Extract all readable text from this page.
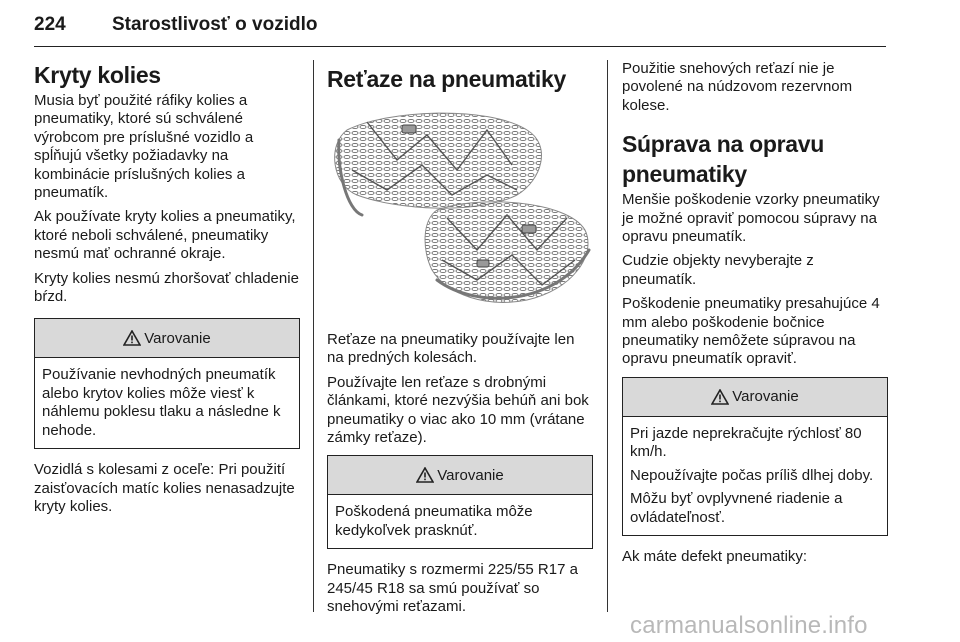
224 Starostlivosť o vozidlo
Kryty kolies

Musia byť použité ráfiky kolies a pneumatiky, ktoré sú schválené výrobcom pre príslušné vozidlo a spĺňujú všetky požiadavky na kombinácie príslušných kolies a pneumatík.

Ak používate kryty kolies a pneumatiky, ktoré neboli schválené, pneumatiky nesmú mať ochranné okraje.

Kryty kolies nesmú zhoršovať chladenie bŕzd.

Varovanie

Používanie nevhodných pneumatík alebo krytov kolies môže viesť k náhlemu poklesu tlaku a následne k nehode.

Vozidlá s kolesami z oceľe: Pri použití zaisťovacích matíc kolies nenasadzujte kryty kolies.

Reťaze na pneumatiky

Reťaze na pneumatiky používajte len na predných kolesách.

Používajte len reťaze s drobnými článkami, ktoré nezvýšia behúň ani bok pneumatiky o viac ako 10 mm (vrátane zámky reťaze).

Varovanie

Poškodená pneumatika môže kedykoľvek prasknúť.

Pneumatiky s rozmermi 225/55 R17 a 245/45 R18 sa smú používať so snehovými reťazami.

Použitie snehových reťazí nie je povolené na núdzovom rezervnom kolese.

Súprava na opravu
pneumatiky

Menšie poškodenie vzorky pneumatiky je možné opraviť pomocou súpravy na opravu pneumatík.

Cudzie objekty nevyberajte z pneumatík.

Poškodenie pneumatiky presahujúce 4 mm alebo poškodenie bočnice pneumatiky nemôžete súpravou na opravu pneumatík opraviť.

Varovanie

Pri jazde neprekračujte rýchlosť 80 km/h.

Nepoužívajte počas príliš dlhej doby.

Môžu byť ovplyvnené riadenie a ovládateľnosť.

Ak máte defekt pneumatiky:

carmanualsonline.info
